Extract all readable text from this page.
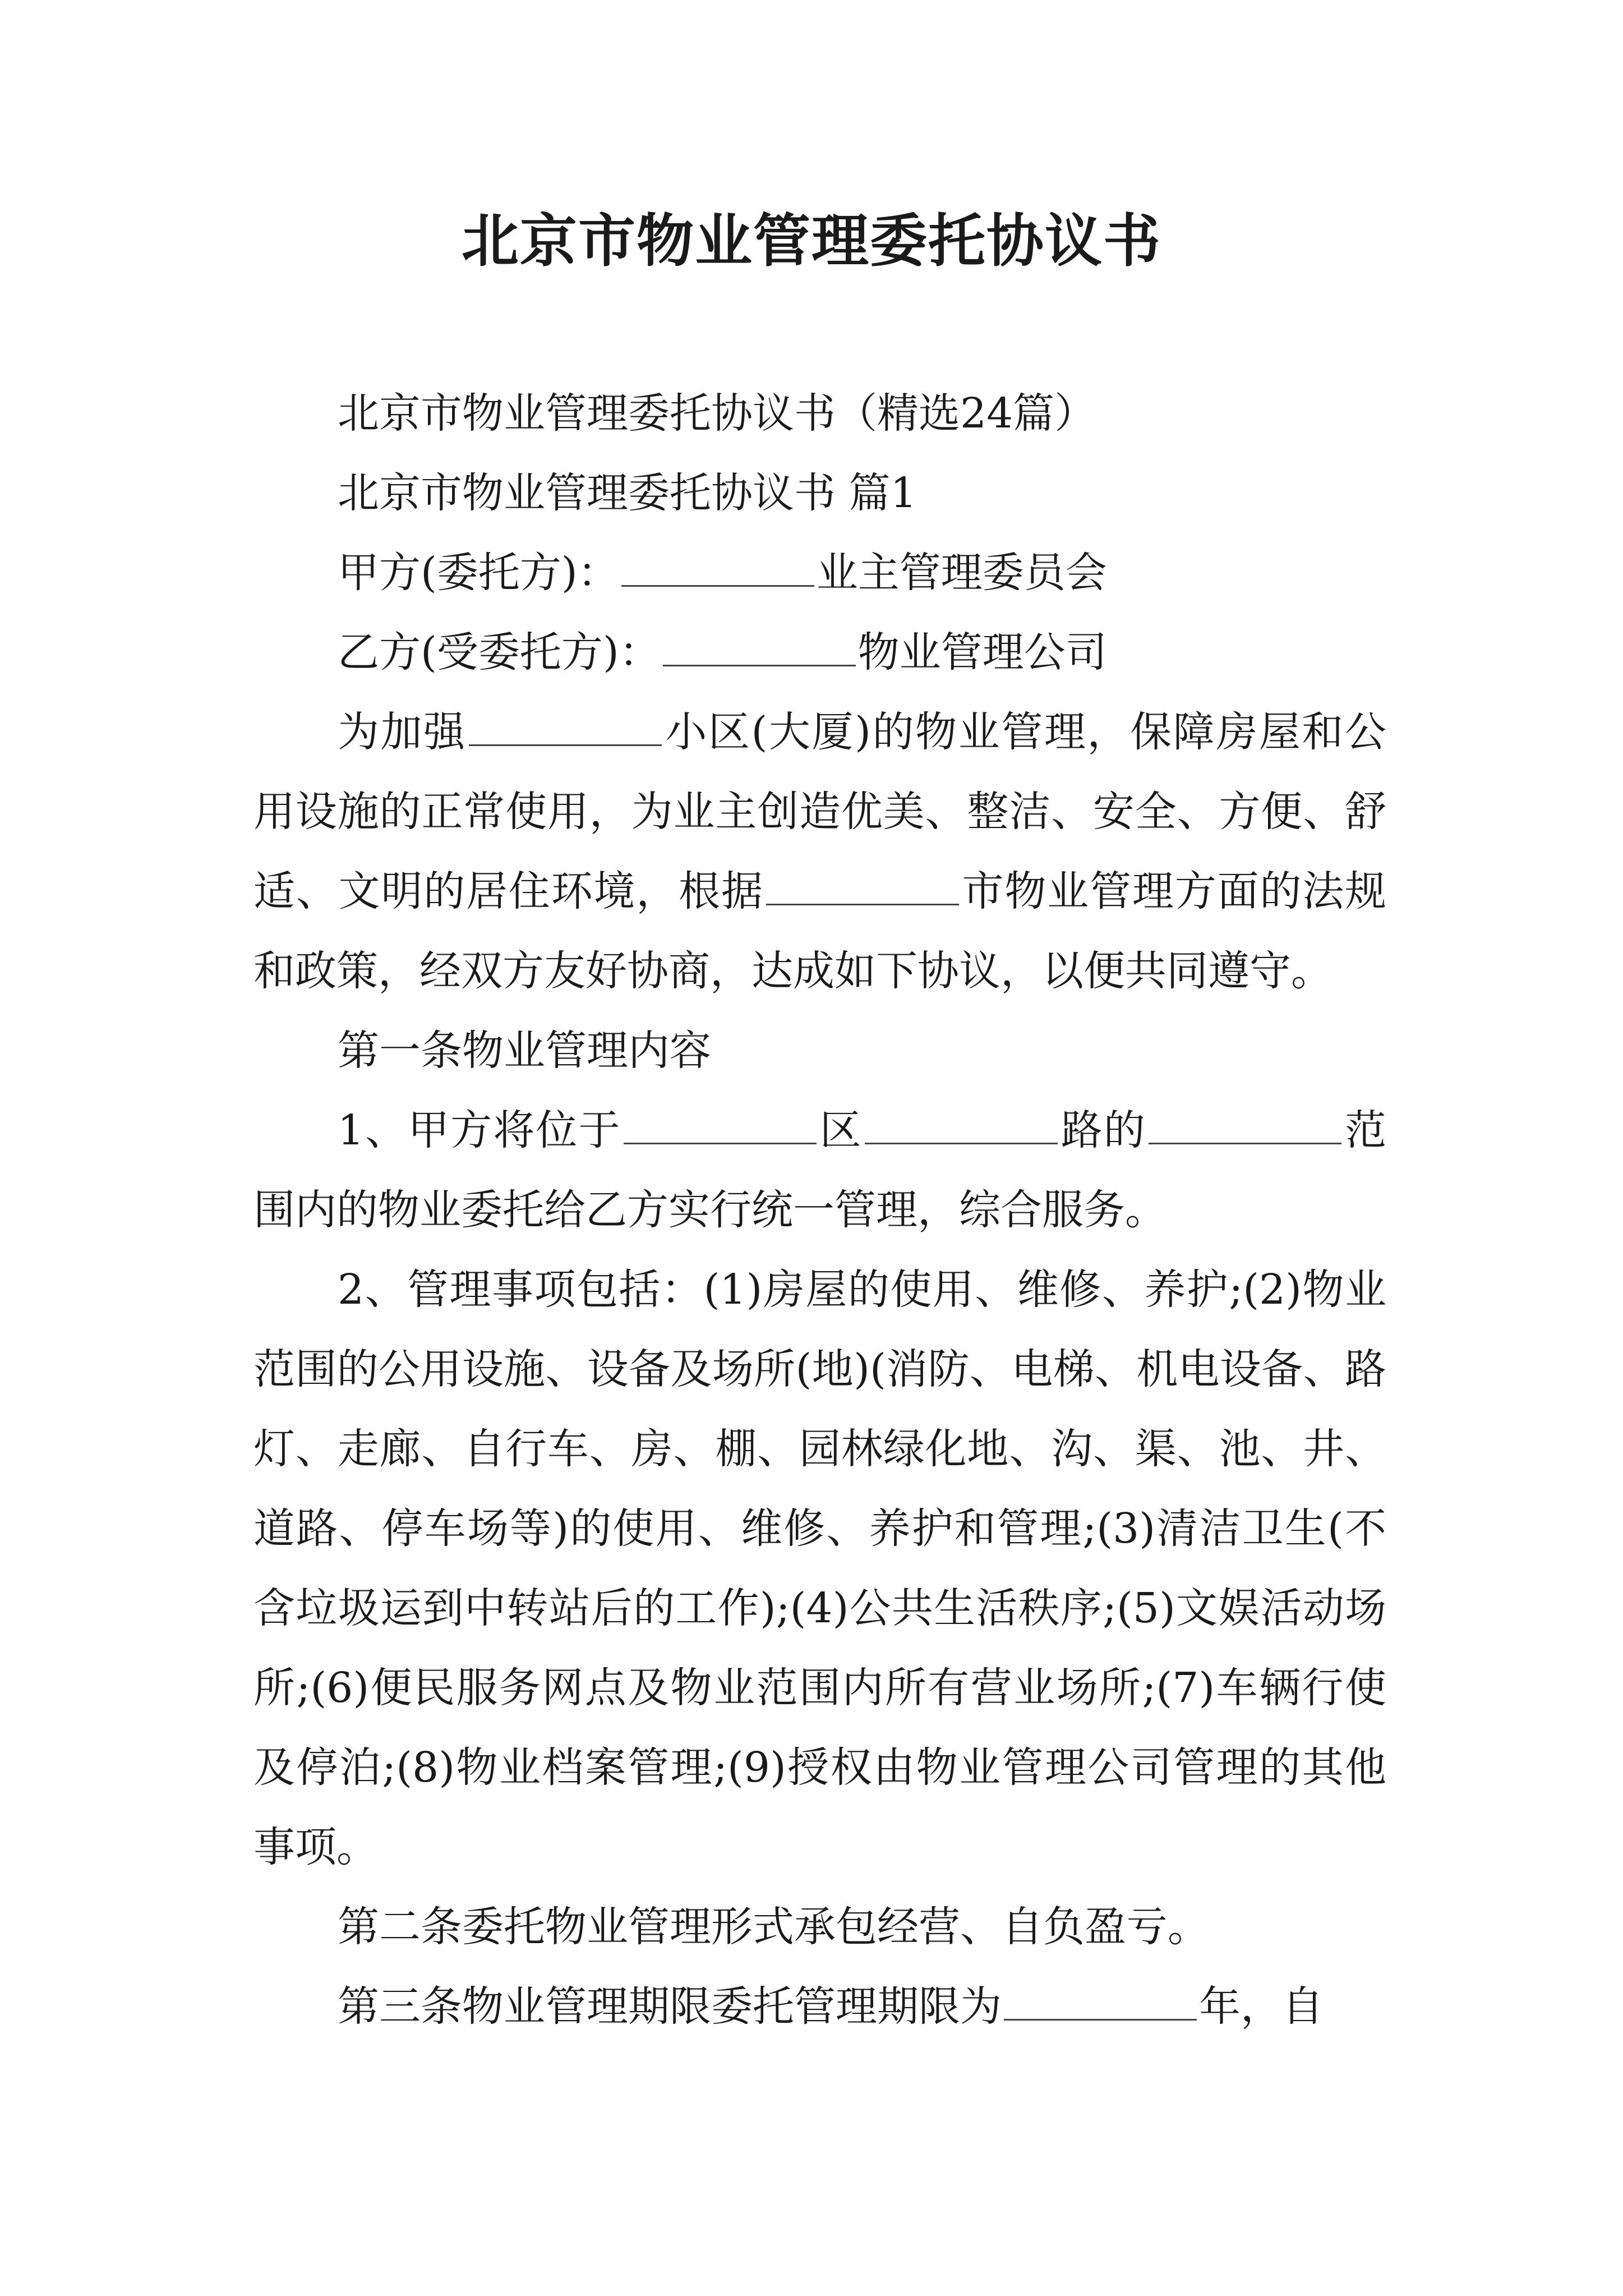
北京市物业管理委托协议书

北京市物业管理委托协议书（精选24篇）

北京市物业管理委托协议书 篇1

甲方(委托方)：	业主管理委员会

乙方(受委托方)：	物业管理公司

为加强	小区(大厦)的物业管理，保障房屋和公用设施的正常使用，为业主创造优美、整洁、安全、方便、舒适、文明的居住环境，根据	市物业管理方面的法规和政策，经双方友好协商，达成如下协议，以便共同遵守。

第一条物业管理内容

1、甲方将位于	区	路的	范围内的物业委托给乙方实行统一管理，综合服务。

2、管理事项包括：(1)房屋的使用、维修、养护;(2)物业范围的公用设施、设备及场所(地)(消防、电梯、机电设备、路灯、走廊、自行车、房、棚、园林绿化地、沟、渠、池、井、道路、停车场等)的使用、维修、养护和管理;(3)清洁卫生(不含垃圾运到中转站后的工作);(4)公共生活秩序;(5)文娱活动场所;(6)便民服务网点及物业范围内所有营业场所;(7)车辆行使及停泊;(8)物业档案管理;(9)授权由物业管理公司管理的其他事项。

第二条委托物业管理形式承包经营、自负盈亏。

第三条物业管理期限委托管理期限为	年，自
